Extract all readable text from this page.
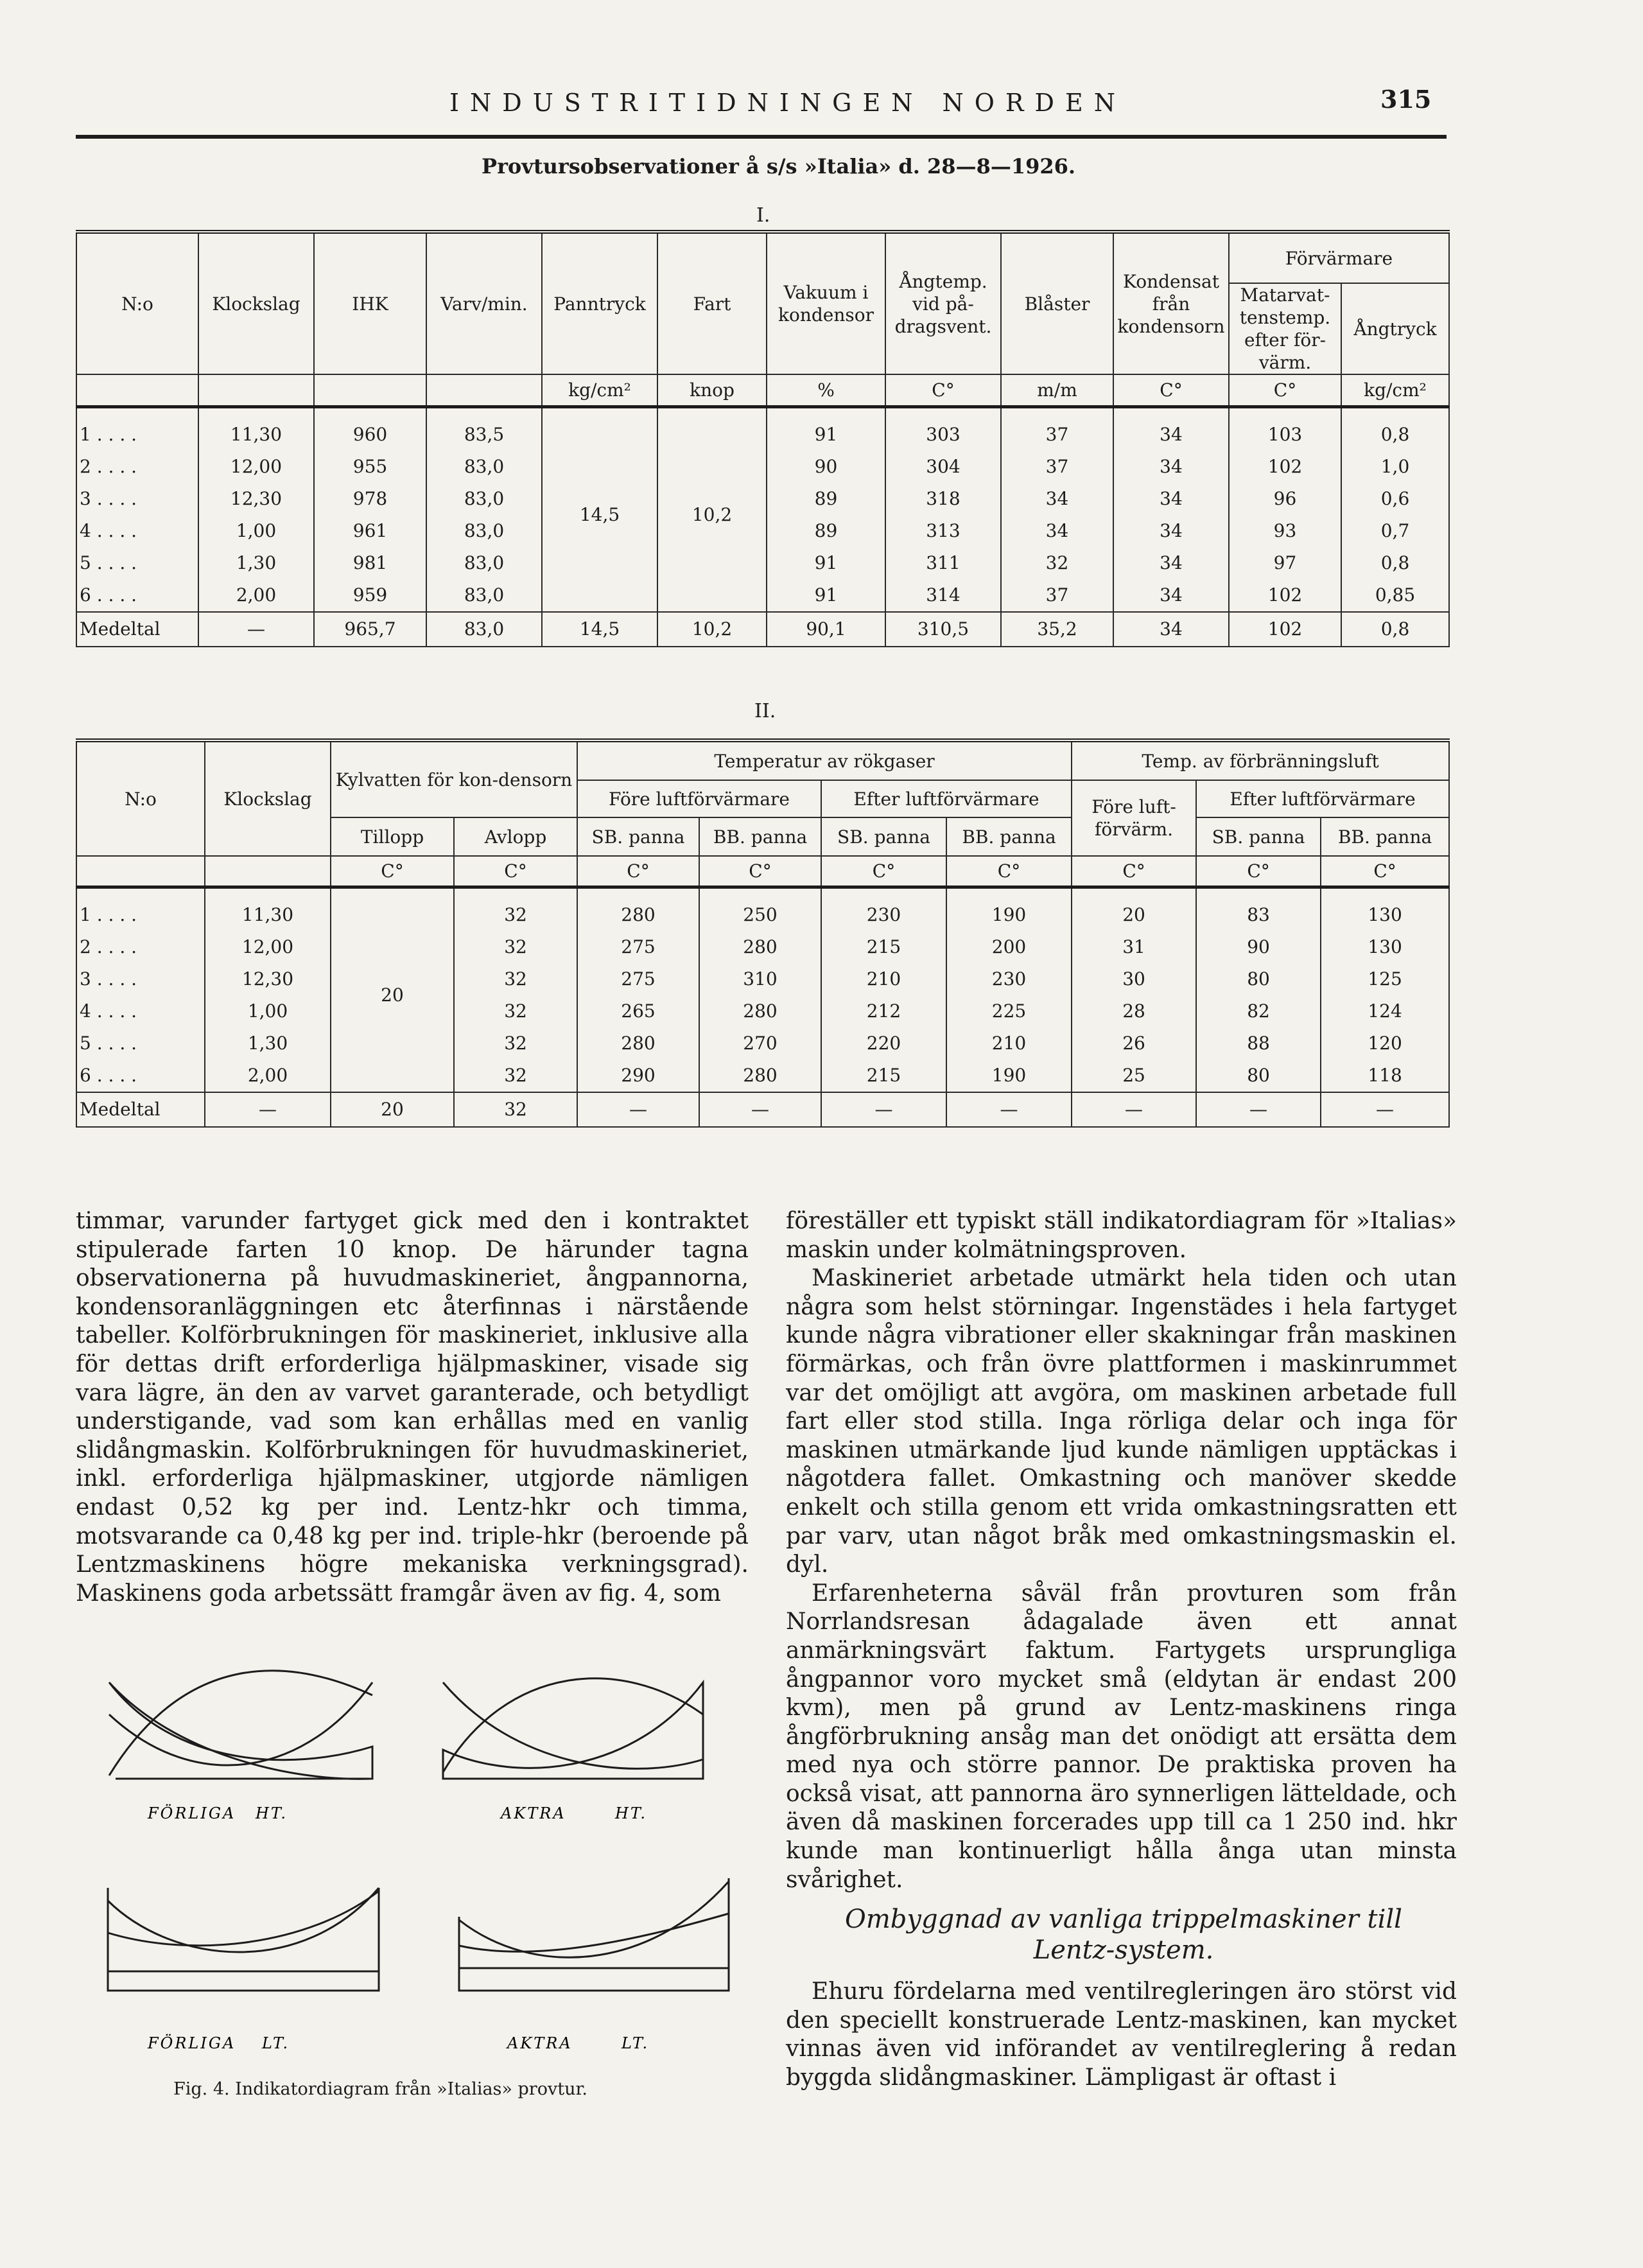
INDUSTRITIDNINGEN NORDEN	315
Provtursobservationer å s/s »Italia» d. 28—8—1926.
I.
N:o	Klockslag	IHK	Varv/min.	Panntryck	Fart	Vakuum i kondensor	Ångtemp. vid på-dragsvent.	Blåster	Kondensat från kondensorn	Förvärmare	
										Matarvat-tenstemp. efter för-värm.	Ångtryck
				kg/cm²	knop	%	C°	m/m	C°	C°	kg/cm²
1 . . . .	11,30	960	83,5	14,5	10,2	91	303	37	34	103	0,8
2 . . . .	12,00	955	83,0			90	304	37	34	102	1,0
3 . . . .	12,30	978	83,0			89	318	34	34	96	0,6
4 . . . .	1,00	961	83,0			89	313	34	34	93	0,7
5 . . . .	1,30	981	83,0			91	311	32	34	97	0,8
6 . . . .	2,00	959	83,0			91	314	37	34	102	0,85
Medeltal	—	965,7	83,0	14,5	10,2	90,1	310,5	35,2	34	102	0,8
II.
N:o	Klockslag	Kylvatten för kon-densorn		Temperatur av rökgaser				Temp. av förbränningsluft		
				Före luftförvärmare		Efter luftförvärmare		Före luft-förvärm.	Efter luftförvärmare	
		Tillopp	Avlopp	SB. panna	BB. panna	SB. panna	BB. panna		SB. panna	BB. panna
		C°	C°	C°	C°	C°	C°	C°	C°	C°
1 . . . .	11,30	20	32	280	250	230	190	20	83	130
2 . . . .	12,00		32	275	280	215	200	31	90	130
3 . . . .	12,30		32	275	310	210	230	30	80	125
4 . . . .	1,00		32	265	280	212	225	28	82	124
5 . . . .	1,30		32	280	270	220	210	26	88	120
6 . . . .	2,00		32	290	280	215	190	25	80	118
Medeltal	—	20	32	—	—	—	—	—	—	—

timmar, varunder fartyget gick med den i kontraktet stipulerade farten 10 knop. De härunder tagna observationerna på huvudmaskineriet, ångpannorna, kondensoranläggningen etc återfinnas i närstående tabeller. Kolförbrukningen för maskineriet, inklusive alla för dettas drift erforderliga hjälpmaskiner, visade sig vara lägre, än den av varvet garanterade, och betydligt understigande, vad som kan erhållas med en vanlig slidångmaskin. Kolförbrukningen för huvudmaskineriet, inkl. erforderliga hjälpmaskiner, utgjorde nämligen endast 0,52 kg per ind. Lentz-hkr och timma, motsvarande ca 0,48 kg per ind. triple-hkr (beroende på Lentzmaskinens högre mekaniska verkningsgrad). Maskinens goda arbetssätt framgår även av fig. 4, som

FÖRLIGA HT.	AKTRA	HT.
FÖRLIGA LT.	AKTRA	LT.
Fig. 4. Indikatordiagram från »Italias» provtur.

föreställer ett typiskt ställ indikatordiagram för »Italias» maskin under kolmätningsproven.

Maskineriet arbetade utmärkt hela tiden och utan några som helst störningar. Ingenstädes i hela fartyget kunde några vibrationer eller skakningar från maskinen förmärkas, och från övre plattformen i maskinrummet var det omöjligt att avgöra, om maskinen arbetade full fart eller stod stilla. Inga rörliga delar och inga för maskinen utmärkande ljud kunde nämligen upptäckas i någotdera fallet. Omkastning och manöver skedde enkelt och stilla genom ett vrida omkastningsratten ett par varv, utan något bråk med omkastningsmaskin el. dyl.

Erfarenheterna såväl från provturen som från Norrlandsresan ådagalade även ett annat anmärkningsvärt faktum. Fartygets ursprungliga ångpannor voro mycket små (eldytan är endast 200 kvm), men på grund av Lentz-maskinens ringa ångförbrukning ansåg man det onödigt att ersätta dem med nya och större pannor. De praktiska proven ha också visat, att pannorna äro synnerligen lätteldade, och även då maskinen forcerades upp till ca 1 250 ind. hkr kunde man kontinuerligt hålla ånga utan minsta svårighet.

Ombyggnad av vanliga trippelmaskiner till Lentz-system.

Ehuru fördelarna med ventilregleringen äro störst vid den speciellt konstruerade Lentz-maskinen, kan mycket vinnas även vid införandet av ventilreglering å redan byggda slidångmaskiner. Lämpligast är oftast i
